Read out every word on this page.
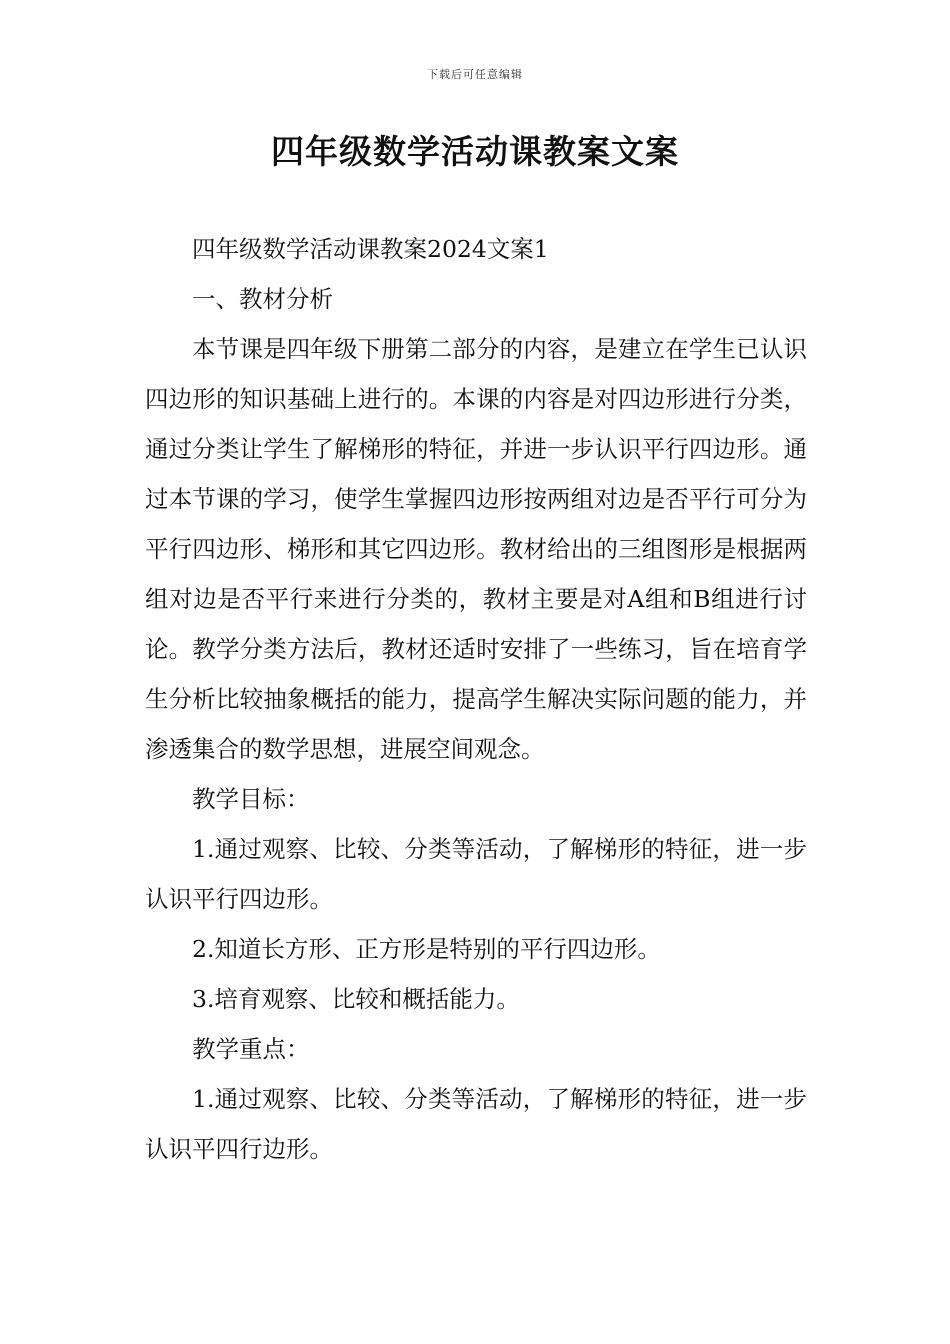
下载后可任意编辑
四年级数学活动课教案文案

四年级数学活动课教案2024文案1

一、教材分析

本节课是四年级下册第二部分的内容，是建立在学生已认识四边形的知识基础上进行的。本课的内容是对四边形进行分类，通过分类让学生了解梯形的特征，并进一步认识平行四边形。通过本节课的学习，使学生掌握四边形按两组对边是否平行可分为平行四边形、梯形和其它四边形。教材给出的三组图形是根据两组对边是否平行来进行分类的，教材主要是对A组和B组进行讨论。教学分类方法后，教材还适时安排了一些练习，旨在培育学生分析比较抽象概括的能力，提高学生解决实际问题的能力，并渗透集合的数学思想，进展空间观念。

教学目标：

1.通过观察、比较、分类等活动，了解梯形的特征，进一步认识平行四边形。

2.知道长方形、正方形是特别的平行四边形。

3.培育观察、比较和概括能力。

教学重点：

1.通过观察、比较、分类等活动，了解梯形的特征，进一步认识平四行边形。
